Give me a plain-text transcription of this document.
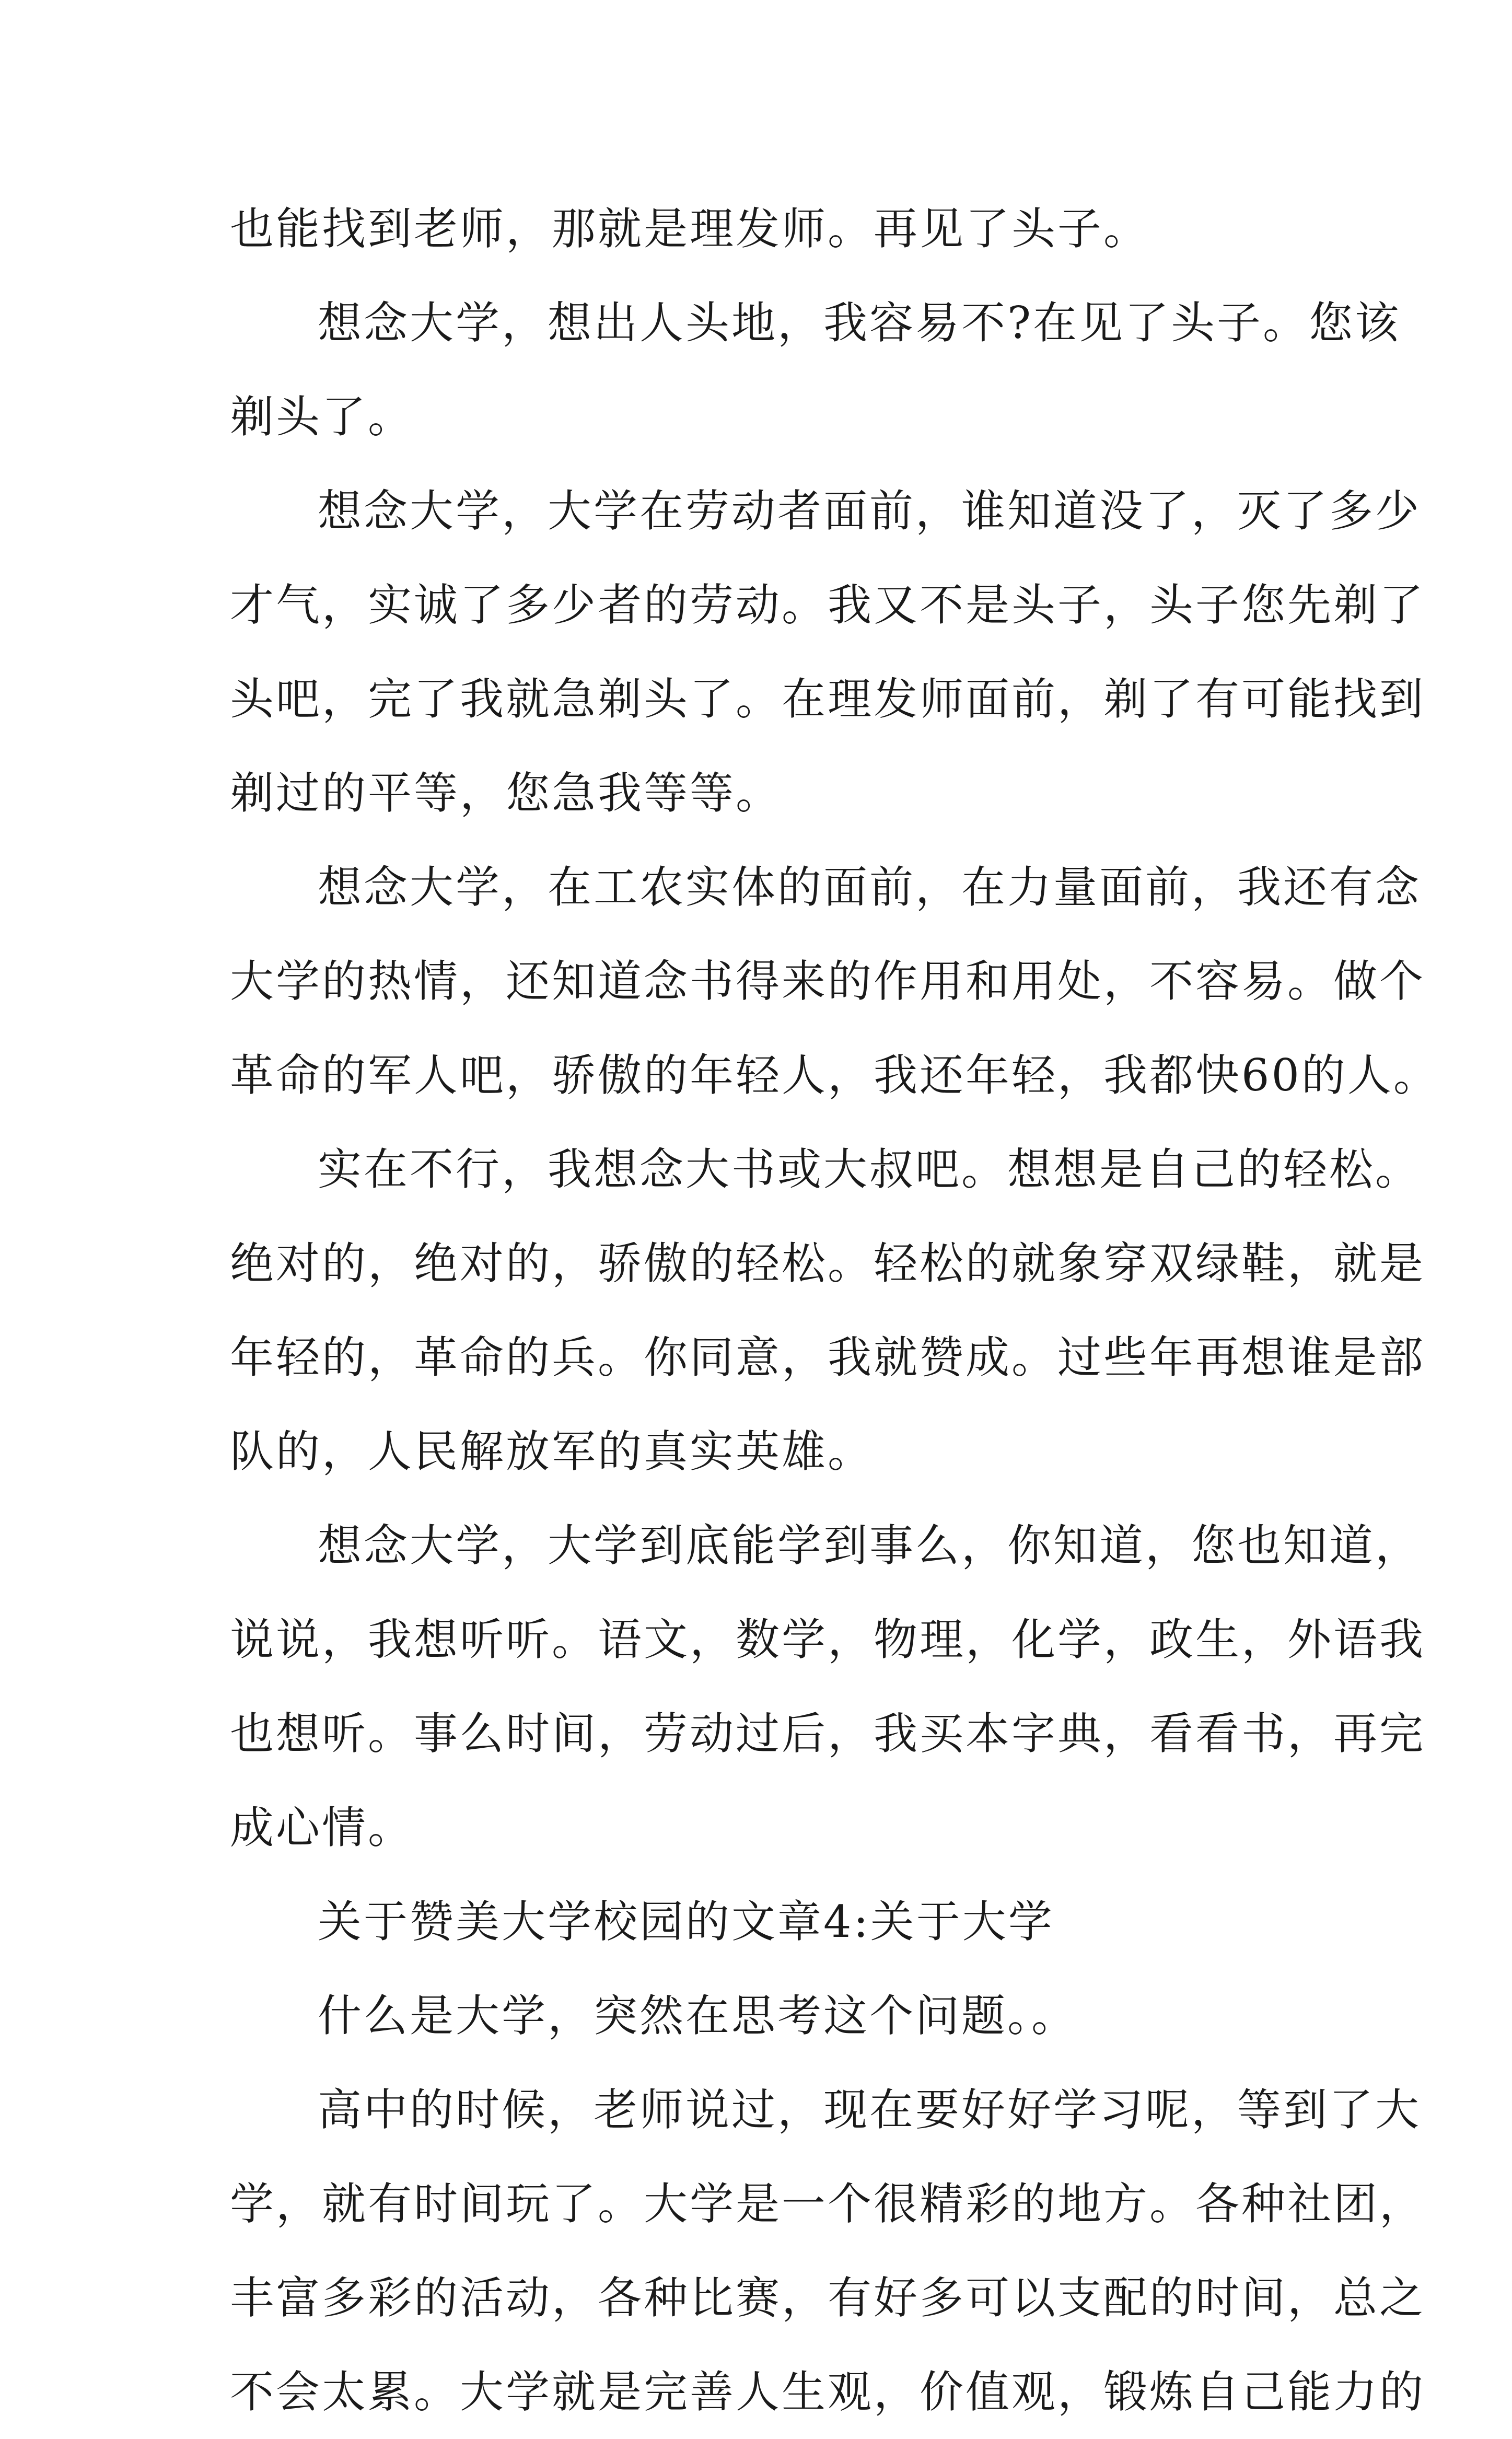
也能找到老师，那就是理发师。再见了头子。
想念大学，想出人头地，我容易不?在见了头子。您该
剃头了。
想念大学，大学在劳动者面前，谁知道没了，灭了多少
才气，实诚了多少者的劳动。我又不是头子，头子您先剃了
头吧，完了我就急剃头了。在理发师面前，剃了有可能找到
剃过的平等，您急我等等。
想念大学，在工农实体的面前，在力量面前，我还有念
大学的热情，还知道念书得来的作用和用处，不容易。做个
革命的军人吧，骄傲的年轻人，我还年轻，我都快60的人。
实在不行，我想念大书或大叔吧。想想是自己的轻松。
绝对的，绝对的，骄傲的轻松。轻松的就象穿双绿鞋，就是
年轻的，革命的兵。你同意，我就赞成。过些年再想谁是部
队的，人民解放军的真实英雄。
想念大学，大学到底能学到事么，你知道，您也知道，
说说，我想听听。语文，数学，物理，化学，政生，外语我
也想听。事么时间，劳动过后，我买本字典，看看书，再完
成心情。
关于赞美大学校园的文章4:关于大学
什么是大学，突然在思考这个问题。。
高中的时候，老师说过，现在要好好学习呢，等到了大
学，就有时间玩了。大学是一个很精彩的地方。各种社团，
丰富多彩的活动，各种比赛，有好多可以支配的时间，总之
不会太累。大学就是完善人生观，价值观，锻炼自己能力的
